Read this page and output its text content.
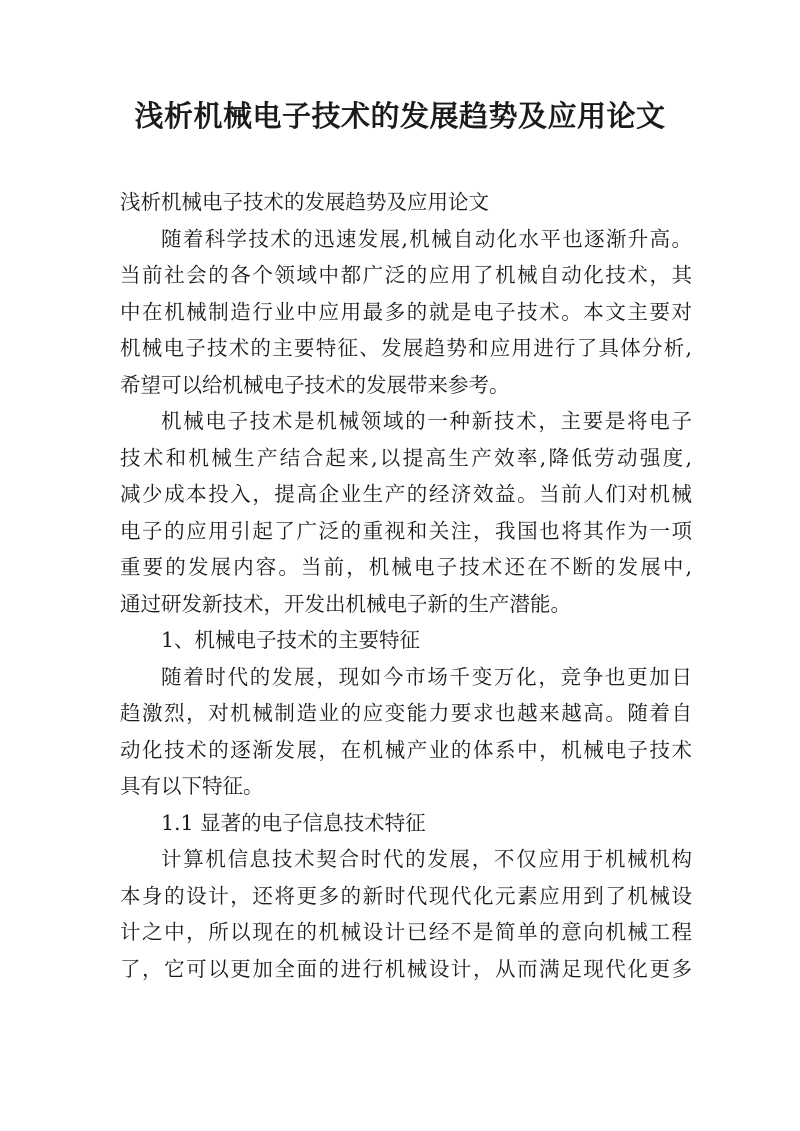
浅析机械电子技术的发展趋势及应用论文
浅析机械电子技术的发展趋势及应用论文
随着科学技术的迅速发展,机械自动化水平也逐渐升高。
当前社会的各个领域中都广泛的应用了机械自动化技术，其
中在机械制造行业中应用最多的就是电子技术。本文主要对
机械电子技术的主要特征、发展趋势和应用进行了具体分析,
希望可以给机械电子技术的发展带来参考。
机械电子技术是机械领域的一种新技术，主要是将电子
技术和机械生产结合起来,以提高生产效率,降低劳动强度,
减少成本投入，提高企业生产的经济效益。当前人们对机械
电子的应用引起了广泛的重视和关注，我国也将其作为一项
重要的发展内容。当前，机械电子技术还在不断的发展中,
通过研发新技术，开发出机械电子新的生产潜能。
1、机械电子技术的主要特征
随着时代的发展，现如今市场千变万化，竞争也更加日
趋激烈，对机械制造业的应变能力要求也越来越高。随着自
动化技术的逐渐发展，在机械产业的体系中，机械电子技术
具有以下特征。
1.1 显著的电子信息技术特征
计算机信息技术契合时代的发展，不仅应用于机械机构
本身的设计，还将更多的新时代现代化元素应用到了机械设
计之中，所以现在的机械设计已经不是简单的意向机械工程
了，它可以更加全面的进行机械设计，从而满足现代化更多
